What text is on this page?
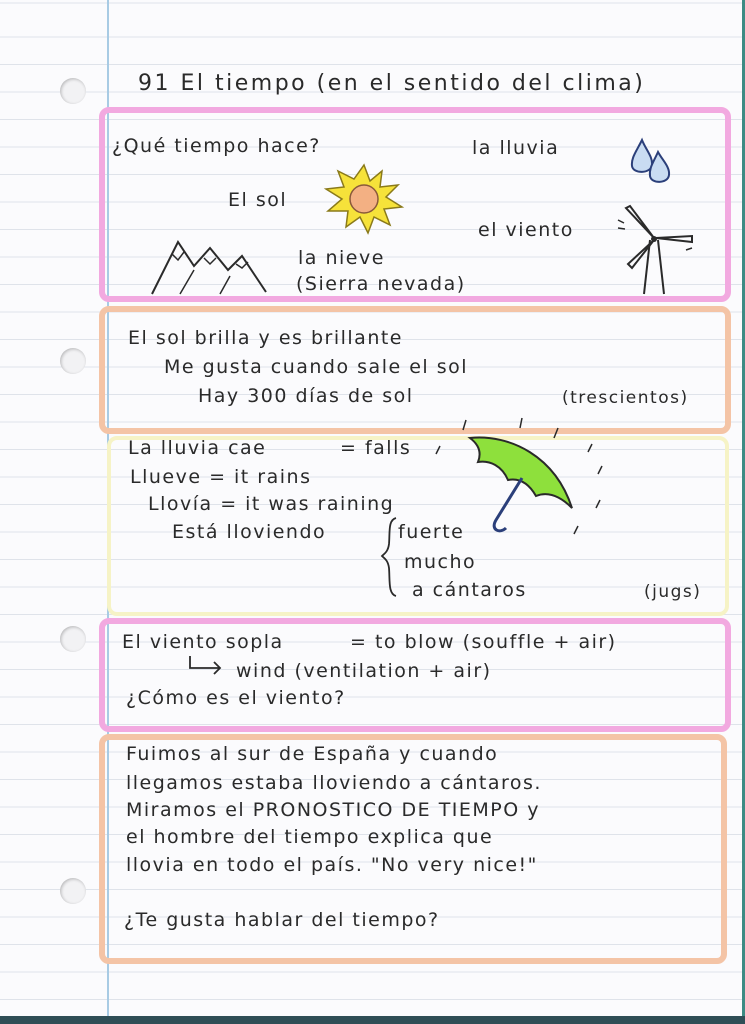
91 El tiempo (en el sentido del clima)
¿Qué tiempo hace?	la lluvia
El sol
el viento
la nieve
(Sierra nevada)
El sol brilla y es brillante
Me gusta cuando sale el sol
Hay 300 días de sol	(trescientos)
La lluvia cae	= falls
Llueve = it rains
Llovía = it was raining
Está lloviendo	fuerte
mucho
a cántaros	(jugs)
El viento sopla	= to blow (souffle + air)
wind (ventilation + air)
¿Cómo es el viento?
Fuimos al sur de España y cuando
llegamos estaba lloviendo a cántaros.
Miramos el PRONOSTICO DE TIEMPO y
el hombre del tiempo explica que
llovia en todo el país. "No very nice!"
¿Te gusta hablar del tiempo?
